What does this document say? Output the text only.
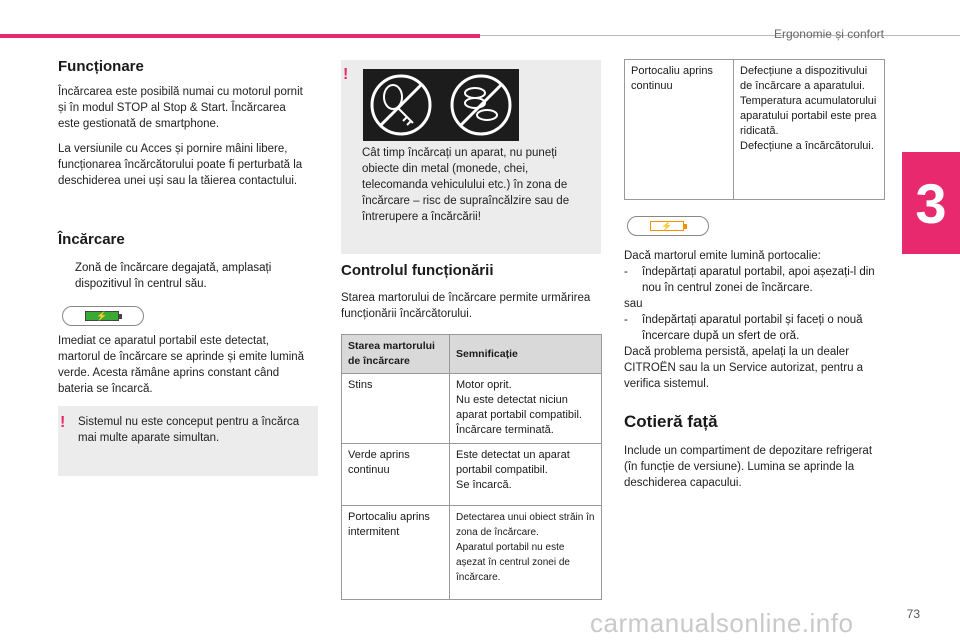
Ergonomie și confort
3
Funcționare

Încărcarea este posibilă numai cu motorul pornit și în modul STOP al Stop & Start. Încărcarea este gestionată de smartphone.

La versiunile cu Acces și pornire mâini libere, funcționarea încărcătorului poate fi perturbată la deschiderea unei uși sau la tăierea contactului.

Încărcare
Zonă de încărcare degajată, amplasați dispozitivul în centrul său.
⚡

Imediat ce aparatul portabil este detectat, martorul de încărcare se aprinde și emite lumină verde. Acesta rămâne aprins constant când bateria se încarcă.

! Sistemul nu este conceput pentru a încărca mai multe aparate simultan.

!

Cât timp încărcați un aparat, nu puneți obiecte din metal (monede, chei, telecomanda vehiculului etc.) în zona de încărcare – risc de supraîncălzire sau de întrerupere a încărcării!

Controlul funcționării

Starea martorului de încărcare permite urmărirea funcționării încărcătorului.

Starea martorului de încărcare	Semnificație
Stins	Motor oprit.
Nu este detectat niciun aparat portabil compatibil.
Încărcare terminată.
Verde aprins continuu	Este detectat un aparat portabil compatibil.
Se încarcă.
Portocaliu aprins intermitent	Detectarea unui obiect străin în zona de încărcare.
Aparatul portabil nu este așezat în centrul zonei de încărcare.
Portocaliu aprins continuu	Defecțiune a dispozitivului de încărcare a aparatului.
Temperatura acumulatorului aparatului portabil este prea ridicată.
Defecțiune a încărcătorului.
⚡

Dacă martorul emite lumină portocalie:

- îndepărtați aparatul portabil, apoi așezați-l din nou în centrul zonei de încărcare.

sau

- îndepărtați aparatul portabil și faceți o nouă încercare după un sfert de oră.

Dacă problema persistă, apelați la un dealer CITROËN sau la un Service autorizat, pentru a verifica sistemul.

Cotieră față

Include un compartiment de depozitare refrigerat (în funcție de versiune). Lumina se aprinde la deschiderea capacului.

73
carmanualsonline.info
